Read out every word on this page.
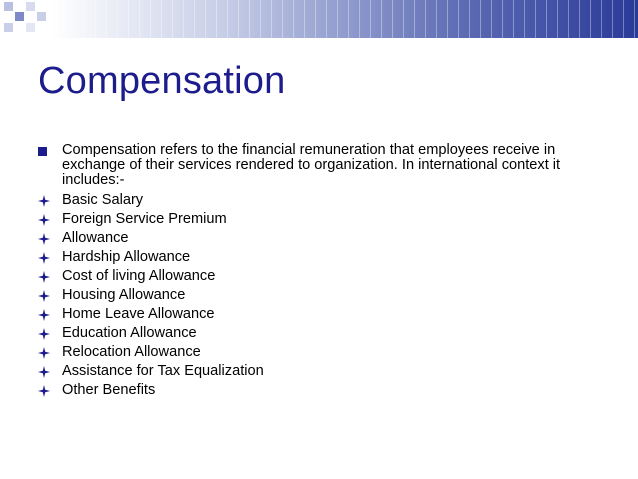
Compensation
Compensation refers to the financial remuneration that employees receive in exchange of their services rendered to organization. In international context it includes:-
Basic Salary
Foreign Service Premium
Allowance
Hardship Allowance
Cost of living Allowance
Housing Allowance
Home Leave Allowance
Education Allowance
Relocation Allowance
Assistance for Tax Equalization
Other Benefits
